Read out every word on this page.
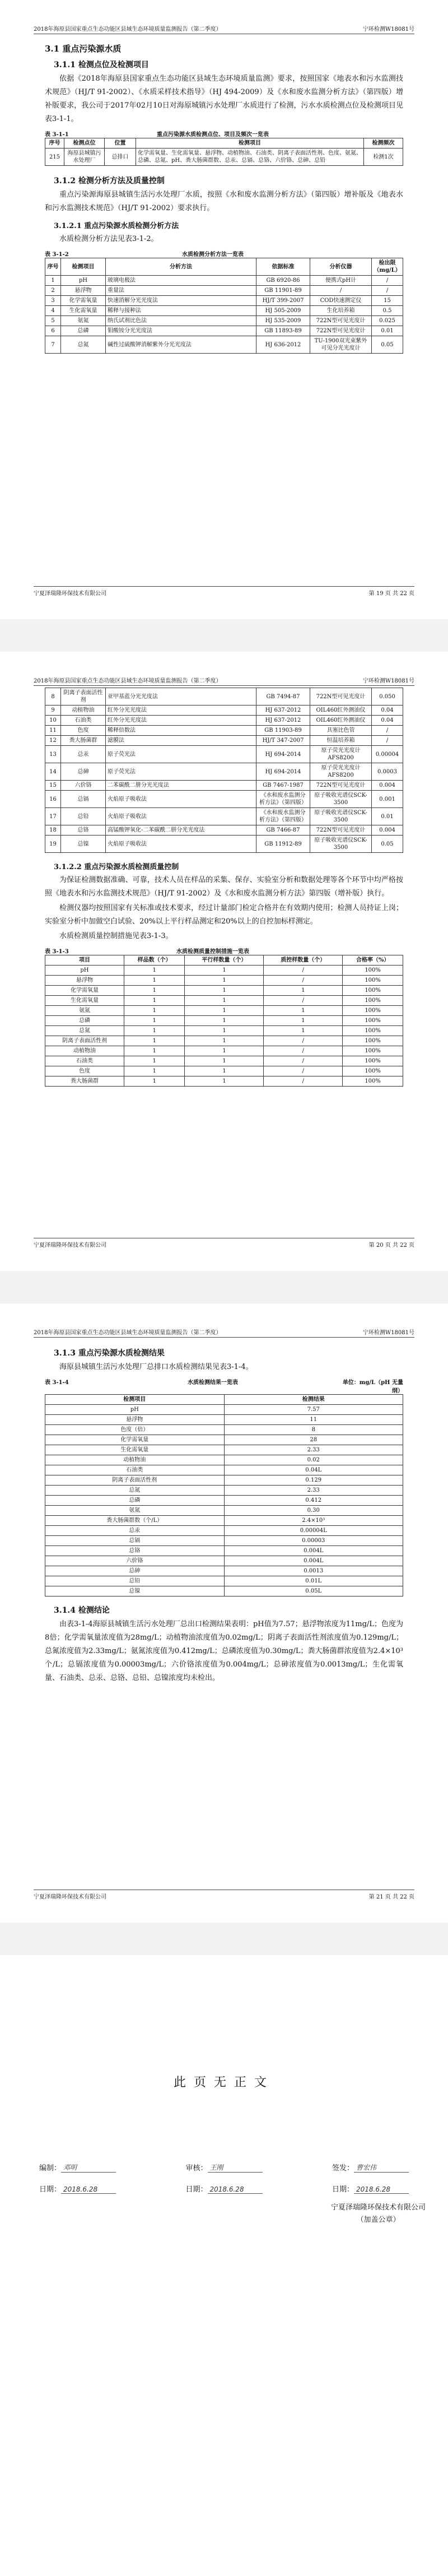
2018年海原县国家重点生态功能区县域生态环境质量监测报告（第二季度）	宁环检测W18081号
3.1 重点污染源水质
3.1.1 检测点位及检测项目

依据《2018年海原县国家重点生态功能区县域生态环境质量监测》要求，按照国家《地表水和污水监测技术规范》（HJ/T 91-2002）、《水质采样技术指导》（HJ 494-2009）及《水和废水监测分析方法》（第四版）增补版要求，我公司于2017年02月10日对海原城镇污水处理厂水质进行了检测，污水水质检测点位及检测项目见表3-1-1。

表 3-1-1	重点污染源水质检测点位、项目及频次一览表
序号	检测点位	位置	检测项目	检测频次
215	海原县城镇污水处理厂	总排口	化学需氧量、生化需氧量、悬浮物、动植物油、石油类、阴离子表面活性剂、色度、氨氮、总磷、总氮、pH、粪大肠菌群数、总汞、总镉、总铬、六价铬、总砷、总铅	检测1次
3.1.2 检测分析方法及质量控制

重点污染源海原县城镇生活污水处理厂水质，按照《水和废水监测分析方法》（第四版）增补版及《地表水和污水监测技术规范》（HJ/T 91-2002）要求执行。

3.1.2.1 重点污染源水质检测分析方法

水质检测分析方法见表3-1-2。

表 3-1-2	水质检测分析方法一览表
序号	检测项目	分析方法	依据标准	分析仪器	检出限（mg/L）
1	pH	玻璃电极法	GB 6920-86	便携式pH计	/
2	悬浮物	重量法	GB 11901-89	/	/
3	化学需氧量	快速消解分光光度法	HJ/T 399-2007	COD快速测定仪	15
4	生化需氧量	稀释与接种法	HJ 505-2009	生化培养箱	0.5
5	氨氮	纳氏试剂比色法	HJ 535-2009	722N型可见光度计	0.025
6	总磷	钼酸铵分光光度法	GB 11893-89	722N型可见光度计	0.01
7	总氮	碱性过硫酸钾消解紫外分光光度法	HJ 636-2012	TU-1900双光束紫外可见分光光度计	0.05
宁夏泽瑞隆环保技术有限公司	第 19 页 共 22 页
2018年海原县国家重点生态功能区县域生态环境质量监测报告（第二季度）	宁环检测W18081号
8	阴离子表面活性剂	亚甲基蓝分光光度法	GB 7494-87	722N型可见光度计	0.050
9	动植物油	红外分光光度法	HJ 637-2012	OIL460红外测油仪	0.04
10	石油类	红外分光光度法	HJ 637-2012	OIL460红外测油仪	0.04
11	色度	稀释倍数法	GB 11903-89	具塞比色管	/
12	粪大肠菌群	滤膜法	HJ/T 347-2007	恒温培养箱	/
13	总汞	原子荧光法	HJ 694-2014	原子荧光光度计AFS8200	0.00004
14	总砷	原子荧光法	HJ 694-2014	原子荧光光度计AFS8200	0.0003
15	六价铬	二苯碳酰二肼分光光度法	GB 7467-1987	722N型可见光度计	0.004
16	总镉	火焰原子吸收法	《水和废水监测分析方法》（第四版）	原子吸收光谱仪SCK-3500	0.001
17	总铅	火焰原子吸收法	《水和废水监测分析方法》（第四版）	原子吸收光谱仪SCK-3500	0.01
18	总铬	高锰酸钾氧化-二苯碳酰二肼分光光度法	GB 7466-87	722N型可见光度计	0.004
19	总镍	火焰原子吸收法	GB 11912-89	原子吸收光谱仪SCK-3500	0.05
3.1.2.2 重点污染源水质检测质量控制

为保证检测数据准确、可靠，技术人员在样品的采集、保存、实验室分析和数据处理等各个环节中均严格按照《地表水和污水监测技术规范》（HJ/T 91-2002）及《水和废水监测分析方法》第四版（增补版）执行。

检测仪器均按照国家有关标准或技术要求，经过计量部门检定合格并在有效期内使用；检测人员持证上岗；实验室分析中加做空白试验、20%以上平行样品测定和20%以上的自控加标样测定。

水质检测质量控制措施见表3-1-3。

表 3-1-3	水质检测质量控制措施一览表
项目	样品数（个）	平行样数量（个）	质控样数量（个）	合格率（%）
pH	1	1	/	100%
悬浮物	1	1	/	100%
化学需氧量	1	1	1	100%
生化需氧量	1	1	/	100%
氨氮	1	1	1	100%
总磷	1	1	1	100%
总氮	1	1	1	100%
阴离子表面活性剂	1	1	/	100%
动植物油	1	1	/	100%
石油类	1	1	/	100%
色度	1	1	/	100%
粪大肠菌群	1	1	/	100%
宁夏泽瑞隆环保技术有限公司	第 20 页 共 22 页
2018年海原县国家重点生态功能区县域生态环境质量监测报告（第二季度）	宁环检测W18081号
3.1.3 重点污染源水质检测结果

海原县城镇生活污水处理厂总排口水质检测结果见表3-1-4。

表 3-1-4	水质检测结果一览表	单位：mg/L（pH 无量纲）
检测项目	检测结果
pH	7.57
悬浮物	11
色度（倍）	8
化学需氧量	28
生化需氧量	2.33
动植物油	0.02
石油类	0.04L
阴离子表面活性剂	0.129
总氮	2.33
总磷	0.412
氨氮	0.30
粪大肠菌群数（个/L）	2.4×10³
总汞	0.00004L
总镉	0.00003
总铬	0.004L
六价铬	0.004L
总砷	0.0013
总铅	0.01L
总镍	0.05L
3.1.4 检测结论

由表3-1-4海原县城镇生活污水处理厂总出口检测结果表明：pH值为7.57；悬浮物浓度为11mg/L；色度为8倍；化学需氧量浓度值为28mg/L；动植物油浓度值为0.02mg/L；阴离子表面活性剂浓度值为0.129mg/L；总氮浓度值为2.33mg/L；氨氮浓度值为0.412mg/L；总磷浓度值为0.30mg/L；粪大肠菌群浓度值为2.4×10³个/L；总镉浓度值为0.00003mg/L；六价铬浓度值为0.004mg/L；总砷浓度值为0.0013mg/L；生化需氧量、石油类、总汞、总铬、总铅、总镍浓度均未检出。

宁夏泽瑞隆环保技术有限公司	第 21 页 共 22 页
此页无正文
编制： 邓明	审核： 王刚	签发： 曹宏伟
日期： 2018.6.28	日期： 2018.6.28	日期： 2018.6.28
宁夏泽瑞隆环保技术有限公司
（加盖公章）
